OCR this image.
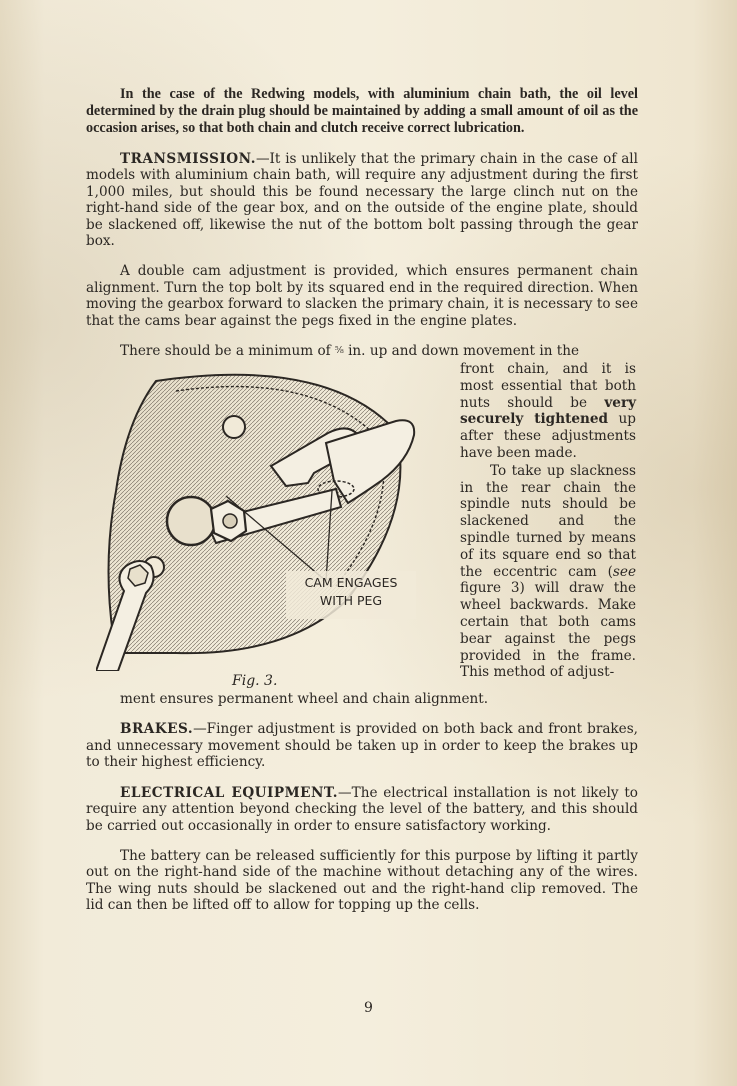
In the case of the Redwing models, with aluminium chain bath, the oil level determined by the drain plug should be maintained by adding a small amount of oil as the occasion arises, so that both chain and clutch receive correct lubrication.

TRANSMISSION.—It is unlikely that the primary chain in the case of all models with aluminium chain bath, will require any adjustment during the first 1,000 miles, but should this be found necessary the large clinch nut on the right-hand side of the gear box, and on the outside of the engine plate, should be slackened off, likewise the nut of the bottom bolt passing through the gear box.

A double cam adjustment is provided, which ensures permanent chain alignment. Turn the top bolt by its squared end in the required direction. When moving the gearbox forward to slacken the primary chain, it is necessary to see that the cams bear against the pegs fixed in the engine plates.

There should be a minimum of ⅝ in. up and down movement in the

CAM ENGAGES
WITH PEG
Fig. 3.

front chain, and it is most essential that both nuts should be very securely tightened up after these adjustments have been made.

To take up slackness in the rear chain the spindle nuts should be slackened and the spindle turned by means of its square end so that the eccentric cam (see figure 3) will draw the wheel backwards. Make certain that both cams bear against the pegs provided in the frame. This method of adjust-

ment ensures permanent wheel and chain alignment.

BRAKES.—Finger adjustment is provided on both back and front brakes, and unnecessary movement should be taken up in order to keep the brakes up to their highest efficiency.

ELECTRICAL EQUIPMENT.—The electrical installation is not likely to require any attention beyond checking the level of the battery, and this should be carried out occasionally in order to ensure satisfactory working.

The battery can be released sufficiently for this purpose by lifting it partly out on the right-hand side of the machine without detaching any of the wires. The wing nuts should be slackened out and the right-hand clip removed. The lid can then be lifted off to allow for topping up the cells.

9
